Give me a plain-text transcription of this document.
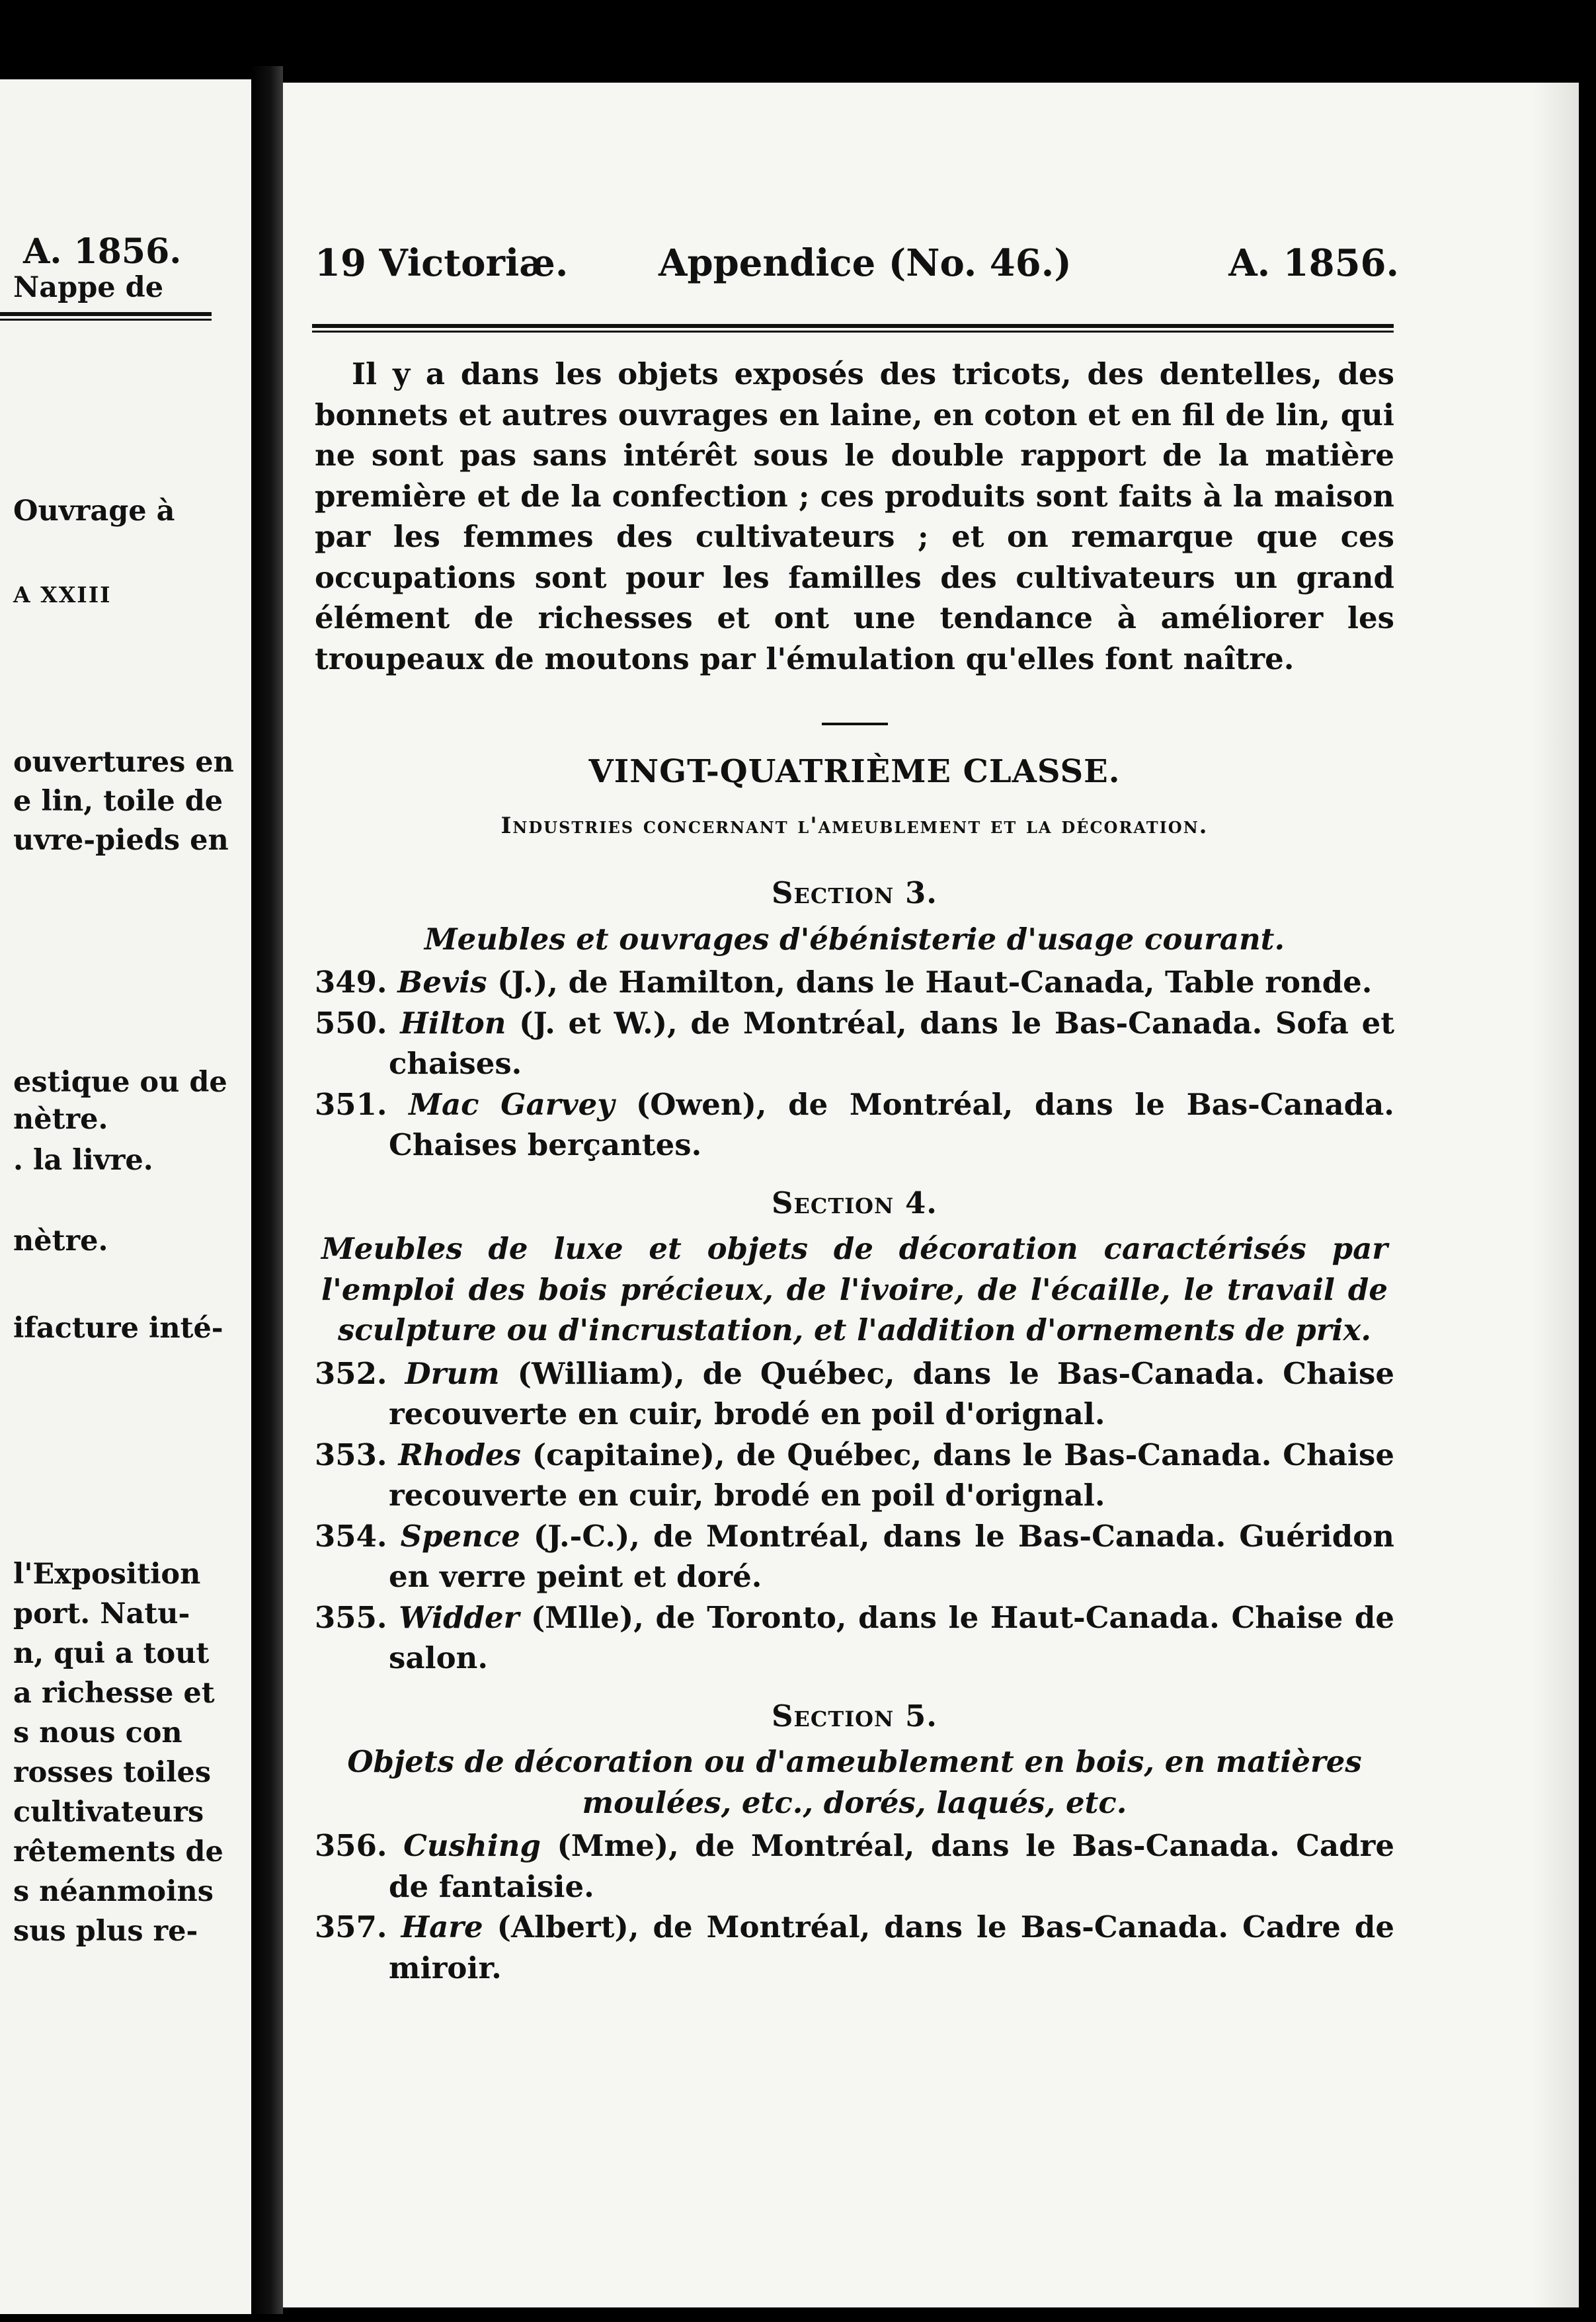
A. 1856.
Nappe de
Ouvrage à
A XXIII
ouvertures en
e lin, toile de
uvre-pieds en
estique ou de
nètre.
. la livre.
nètre.
ifacture inté-
l'Exposition
port. Natu-
n, qui a tout
a richesse et
s nous con
rosses toiles
cultivateurs
rêtements de
s néanmoins
sus plus re-
19 Victoriæ. Appendice (No. 46.)	A. 1856.

Il y a dans les objets exposés des tricots, des dentelles, des bonnets et autres ouvrages en laine, en coton et en fil de lin, qui ne sont pas sans intérêt sous le double rapport de la matière première et de la confection ; ces produits sont faits à la maison par les femmes des cultivateurs ; et on remarque que ces occupations sont pour les familles des cultivateurs un grand élément de richesses et ont une tendance à améliorer les troupeaux de moutons par l'émulation qu'elles font naître.

VINGT-QUATRIÈME CLASSE.
Industries concernant l'ameublement et la décoration.
Section 3.
Meubles et ouvrages d'ébénisterie d'usage courant.

349. Bevis (J.), de Hamilton, dans le Haut-Canada, Table ronde.

550. Hilton (J. et W.), de Montréal, dans le Bas-Canada. Sofa et chaises.

351. Mac Garvey (Owen), de Montréal, dans le Bas-Canada. Chaises berçantes.

Section 4.
Meubles de luxe et objets de décoration caractérisés par l'emploi des bois précieux, de l'ivoire, de l'écaille, le travail de sculpture ou d'incrustation, et l'addition d'ornements de prix.

352. Drum (William), de Québec, dans le Bas-Canada. Chaise recouverte en cuir, brodé en poil d'orignal.

353. Rhodes (capitaine), de Québec, dans le Bas-Canada. Chaise recouverte en cuir, brodé en poil d'orignal.

354. Spence (J.-C.), de Montréal, dans le Bas-Canada. Guéridon en verre peint et doré.

355. Widder (Mlle), de Toronto, dans le Haut-Canada. Chaise de salon.

Section 5.
Objets de décoration ou d'ameublement en bois, en matières moulées, etc., dorés, laqués, etc.

356. Cushing (Mme), de Montréal, dans le Bas-Canada. Cadre de fantaisie.

357. Hare (Albert), de Montréal, dans le Bas-Canada. Cadre de miroir.
